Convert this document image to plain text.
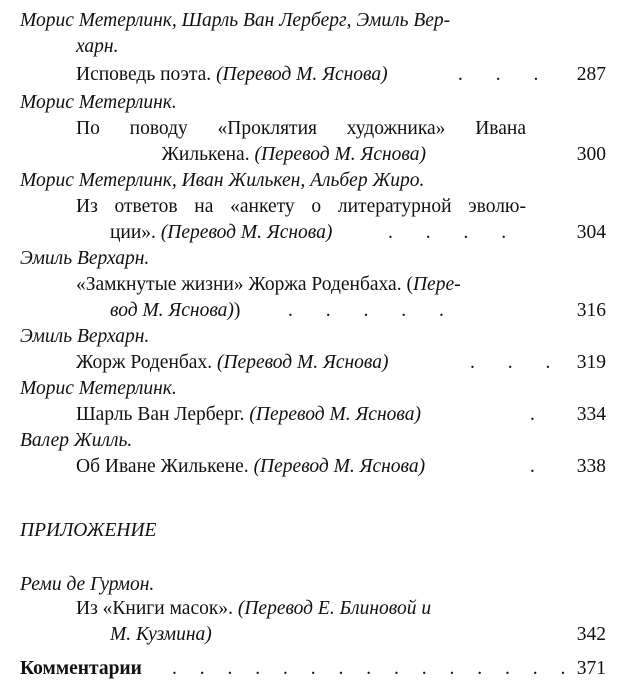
Морис Метерлинк, Шарль Ван Лерберг, Эмиль Вер-
харн.
Исповедь поэта. (Перевод М. Яснова)	. . . 287
Морис Метерлинк.
По поводу «Проклятия художника» Ивана
Жилькена. (Перевод М. Яснова)	300
Морис Метерлинк, Иван Жилькен, Альбер Жиро.
Из ответов на «анкету о литературной эволю-
ции». (Перевод М. Яснова)	. . . .	304
Эмиль Верхарн.
«Замкнутые жизни» Жоржа Роденбаха. (Пере-
вод М. Яснова))	. . . . .	316
Эмиль Верхарн.
Жорж Роденбах. (Перевод М. Яснова)	. . . 319
Морис Метерлинк.
Шарль Ван Лерберг. (Перевод М. Яснова)	. 334
Валер Жилль.
Об Иване Жилькене. (Перевод М. Яснова)	. 338
ПРИЛОЖЕНИЕ
Реми де Гурмон.
Из «Книги масок». (Перевод Е. Блиновой и
М. Кузмина)	342
Комментарии . . . . . . . . . . . . . . . 371
